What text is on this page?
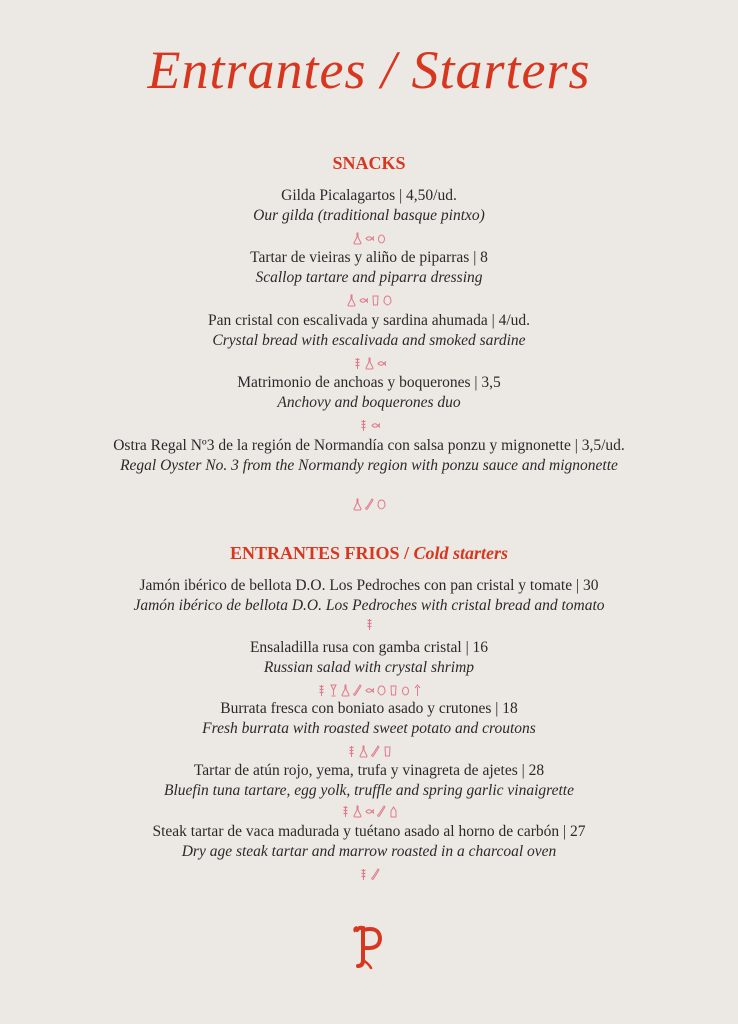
Entrantes / Starters
SNACKS
Gilda Picalagartos | 4,50/ud.
Our gilda (traditional basque pintxo)
Tartar de vieiras y aliño de piparras | 8
Scallop tartare and piparra dressing
Pan cristal con escalivada y sardina ahumada | 4/ud.
Crystal bread with escalivada and smoked sardine
Matrimonio de anchoas y boquerones | 3,5
Anchovy and boquerones duo
Ostra Regal Nº3 de la región de Normandía con salsa ponzu y mignonette | 3,5/ud.
Regal Oyster No. 3 from the Normandy region with ponzu sauce and mignonette
ENTRANTES FRIOS / Cold starters
Jamón ibérico de bellota D.O. Los Pedroches con pan cristal y tomate | 30
Jamón ibérico de bellota D.O. Los Pedroches with cristal bread and tomato
Ensaladilla rusa con gamba cristal | 16
Russian salad with crystal shrimp
Burrata fresca con boniato asado y crutones | 18
Fresh burrata with roasted sweet potato and croutons
Tartar de atún rojo, yema, trufa y vinagreta de ajetes | 28
Bluefin tuna tartare, egg yolk, truffle and spring garlic vinaigrette
Steak tartar de vaca madurada y tuétano asado al horno de carbón | 27
Dry age steak tartar and marrow roasted in a charcoal oven
